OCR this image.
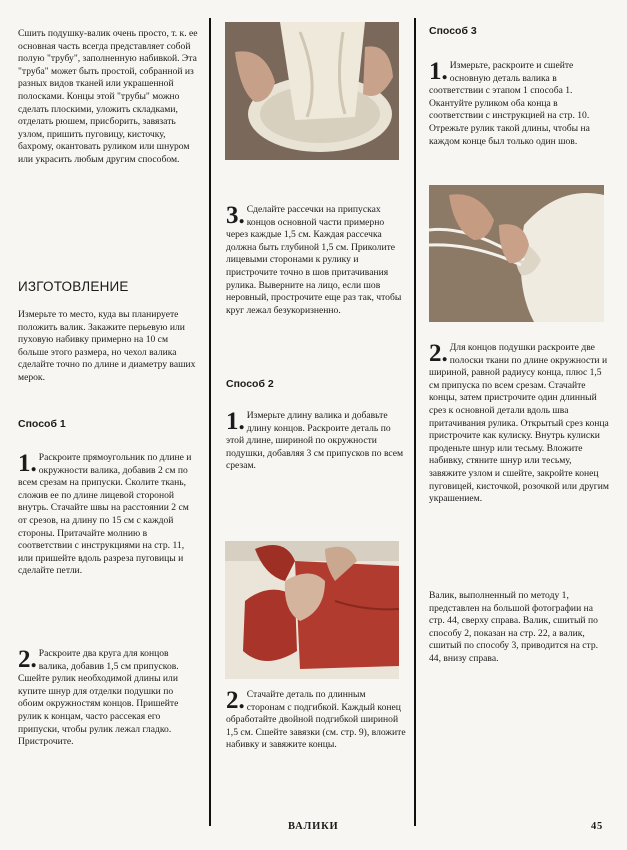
Сшить подушку-валик очень просто, т. к. ее основная часть всегда представляет собой полую "трубу", заполненную набивкой. Эта "труба" может быть простой, собранной из разных видов тканей или украшенной полосками. Концы этой "трубы" можно сделать плоскими, уложить складками, отделать рюшем, присборить, завязать узлом, пришить пуговицу, кисточку, бахрому, окантовать руликом или шнуром или украсить любым другим способом.
ИЗГОТОВЛЕНИЕ
Измерьте то место, куда вы планируете положить валик. Закажите перьевую или пуховую набивку примерно на 10 см больше этого размера, но чехол валика сделайте точно по длине и диаметру ваших мерок.
Способ 1
1. Раскроите прямоугольник по длине и окружности валика, добавив 2 см по всем срезам на припуски. Сколите ткань, сложив ее по длине лицевой стороной внутрь. Стачайте швы на расстоянии 2 см от срезов, на длину по 15 см с каждой стороны. Притачайте молнию в соответствии с инструкциями на стр. 11, или пришейте вдоль разреза пуговицы и сделайте петли.
2. Раскроите два круга для концов валика, добавив 1,5 см припусков. Сшейте рулик необходимой длины или купите шнур для отделки подушки по обоим окружностям концов. Пришейте рулик к концам, часто рассекая его припуски, чтобы рулик лежал гладко. Пристрочите.
3. Сделайте рассечки на припусках концов основной части примерно через каждые 1,5 см. Каждая рассечка должна быть глубиной 1,5 см. Приколите лицевыми сторонами к рулику и пристрочите точно в шов притачивания рулика. Выверните на лицо, если шов неровный, прострочите еще раз так, чтобы круг лежал безукоризненно.
Способ 2
1. Измерьте длину валика и добавьте длину концов. Раскроите деталь по этой длине, шириной по окружности подушки, добавляя 3 см припусков по всем срезам.
2. Стачайте деталь по длинным сторонам с подгибкой. Каждый конец обработайте двойной подгибкой шириной 1,5 см. Сшейте завязки (см. стр. 9), вложите набивку и завяжите концы.
Способ 3
1. Измерьте, раскроите и сшейте основную деталь валика в соответствии с этапом 1 способа 1. Окантуйте руликом оба конца в соответствии с инструкцией на стр. 10. Отрежьте рулик такой длины, чтобы на каждом конце был только один шов.
2. Для концов подушки раскроите две полоски ткани по длине окружности и шириной, равной радиусу конца, плюс 1,5 см припуска по всем срезам. Стачайте концы, затем пристрочите один длинный срез к основной детали вдоль шва притачивания рулика. Открытый срез конца пристрочите как кулиску. Внутрь кулиски проденьте шнур или тесьму. Вложите набивку, стяните шнур или тесьму, завяжите узлом и сшейте, закройте конец пуговицей, кисточкой, розочкой или другим украшением.
Валик, выполненный по методу 1, представлен на большой фотографии на стр. 44, сверху справа. Валик, сшитый по способу 2, показан на стр. 22, а валик, сшитый по способу 3, приводится на стр. 44, внизу справа.
ВАЛИКИ	45
